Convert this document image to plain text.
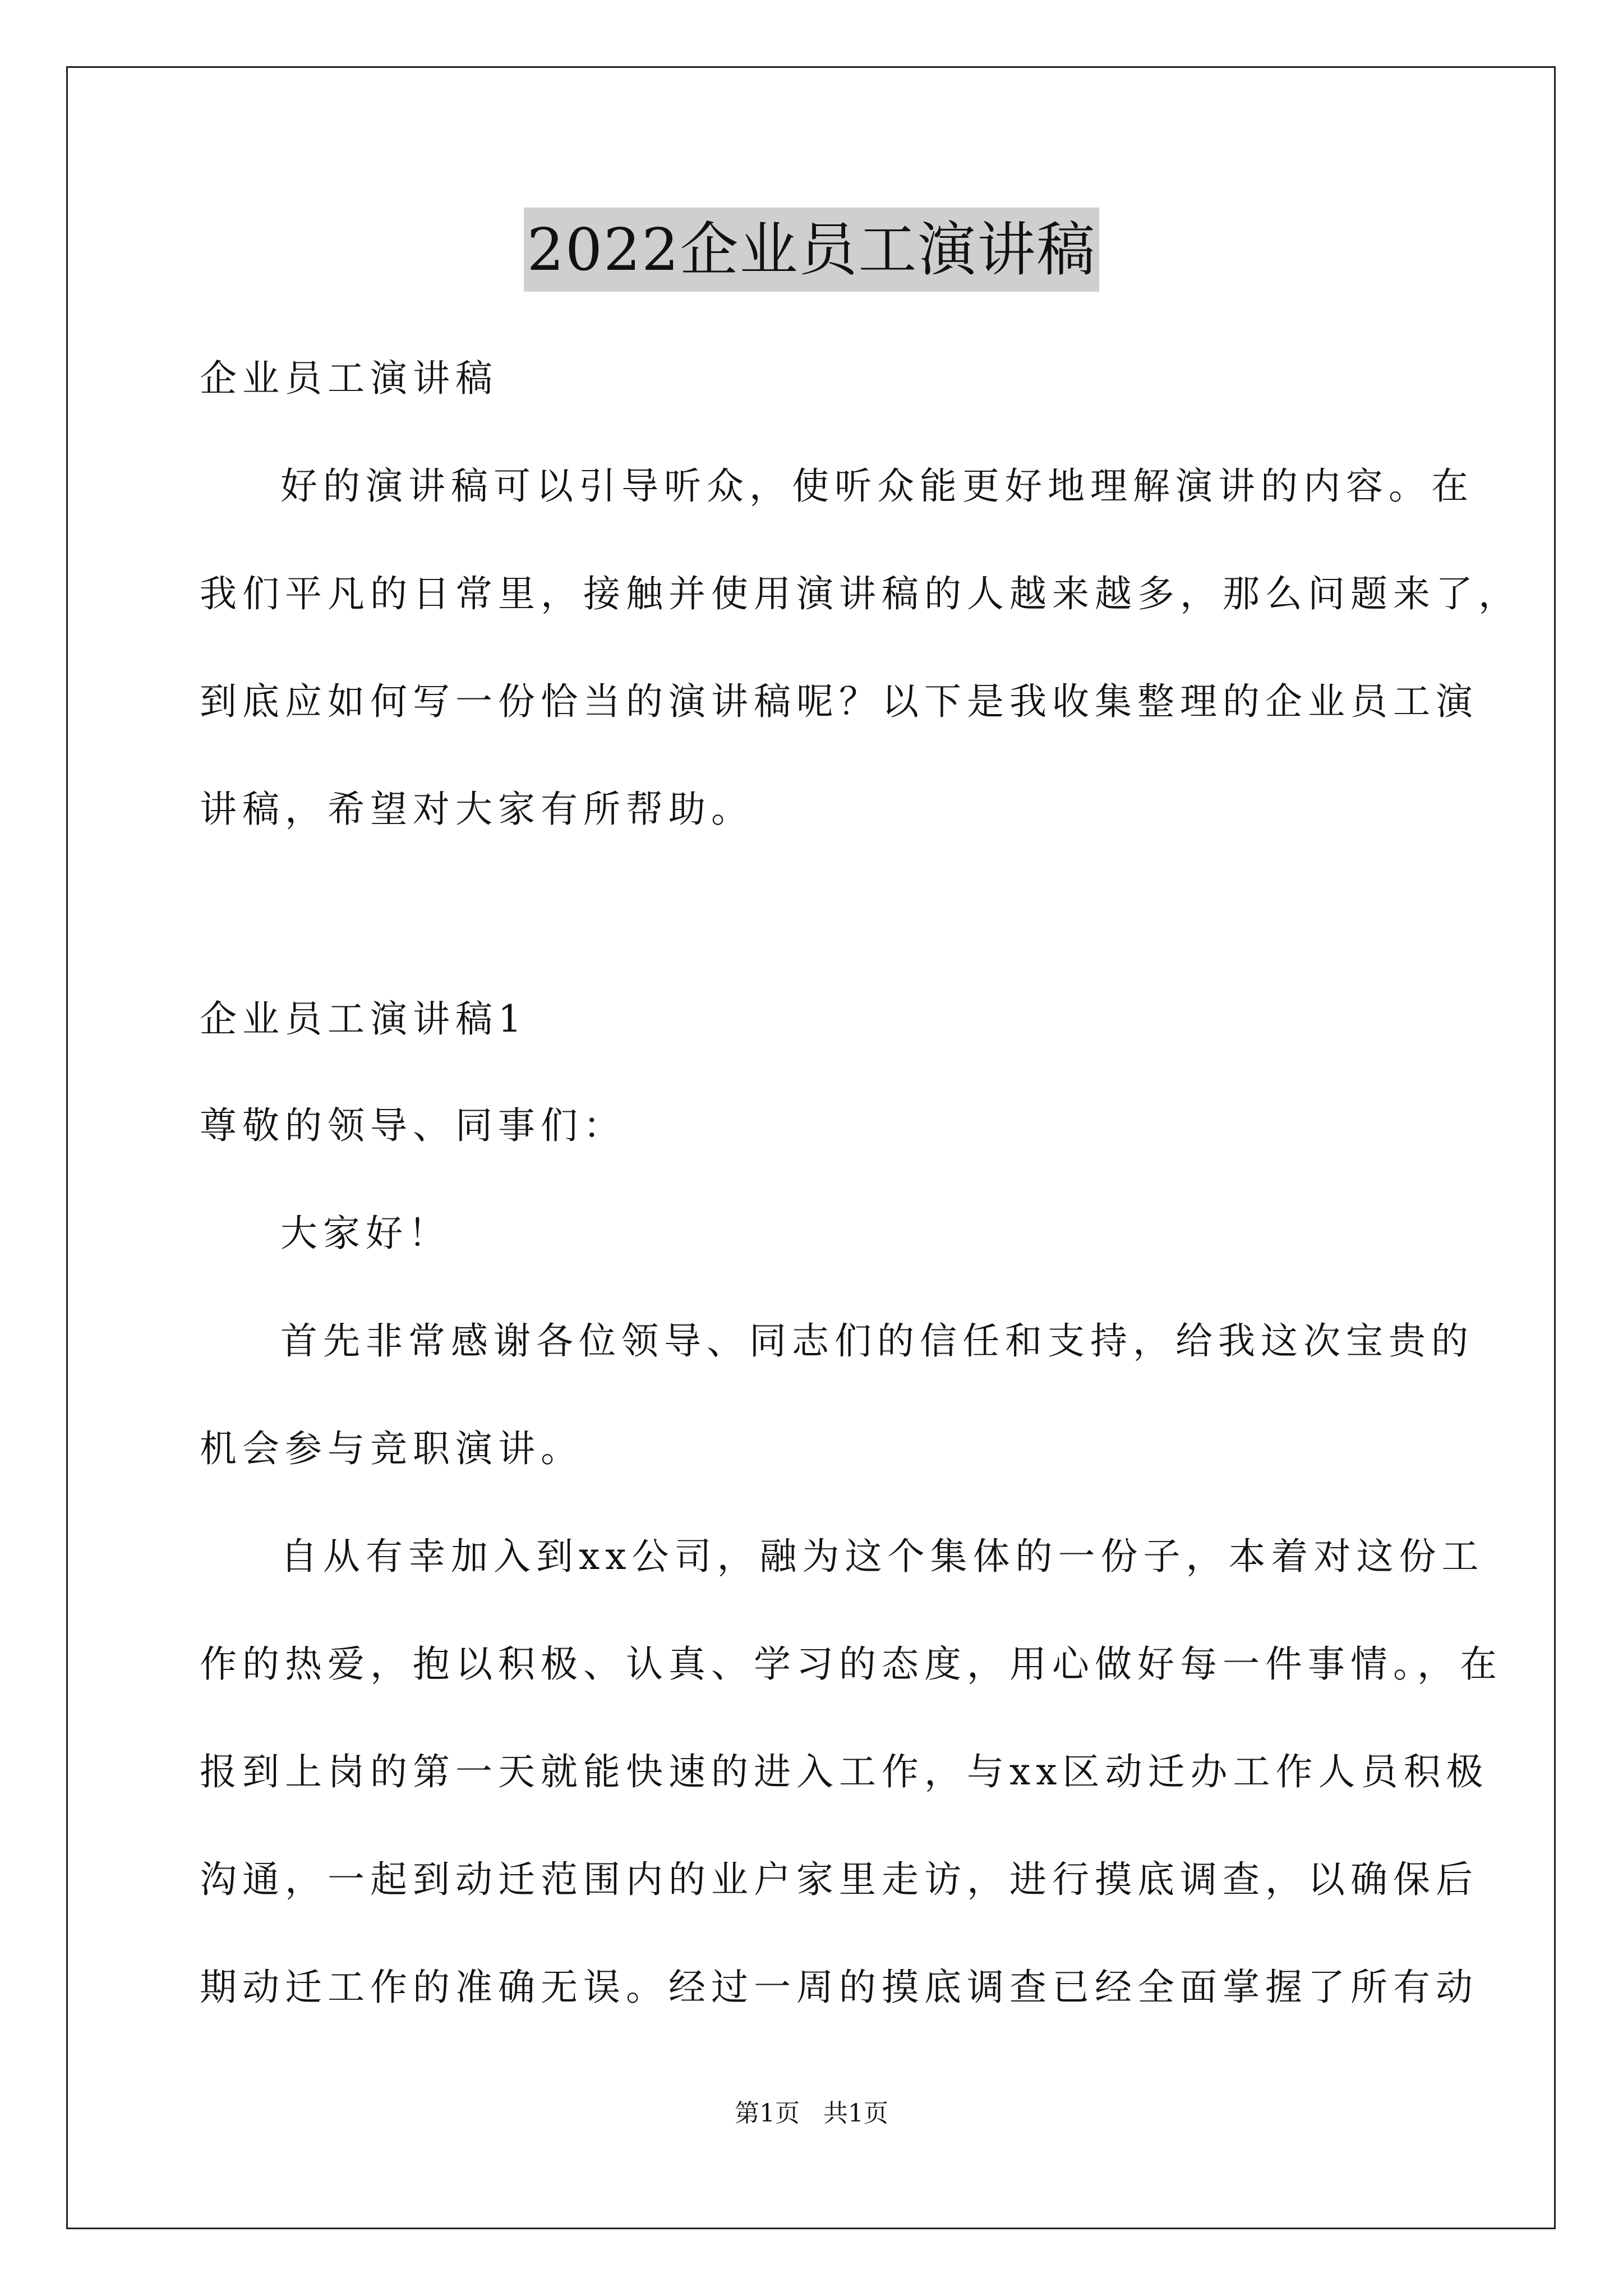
2022企业员工演讲稿
企业员工演讲稿
好的演讲稿可以引导听众，使听众能更好地理解演讲的内容。在
我们平凡的日常里，接触并使用演讲稿的人越来越多，那么问题来了，
到底应如何写一份恰当的演讲稿呢？以下是我收集整理的企业员工演
讲稿，希望对大家有所帮助。
企业员工演讲稿1
尊敬的领导、同事们：
大家好！
首先非常感谢各位领导、同志们的信任和支持，给我这次宝贵的
机会参与竞职演讲。
自从有幸加入到xx公司，融为这个集体的一份子，本着对这份工
作的热爱，抱以积极、认真、学习的态度，用心做好每一件事情。，在
报到上岗的第一天就能快速的进入工作，与xx区动迁办工作人员积极
沟通，一起到动迁范围内的业户家里走访，进行摸底调查，以确保后
期动迁工作的准确无误。经过一周的摸底调查已经全面掌握了所有动
第1页   共1页
